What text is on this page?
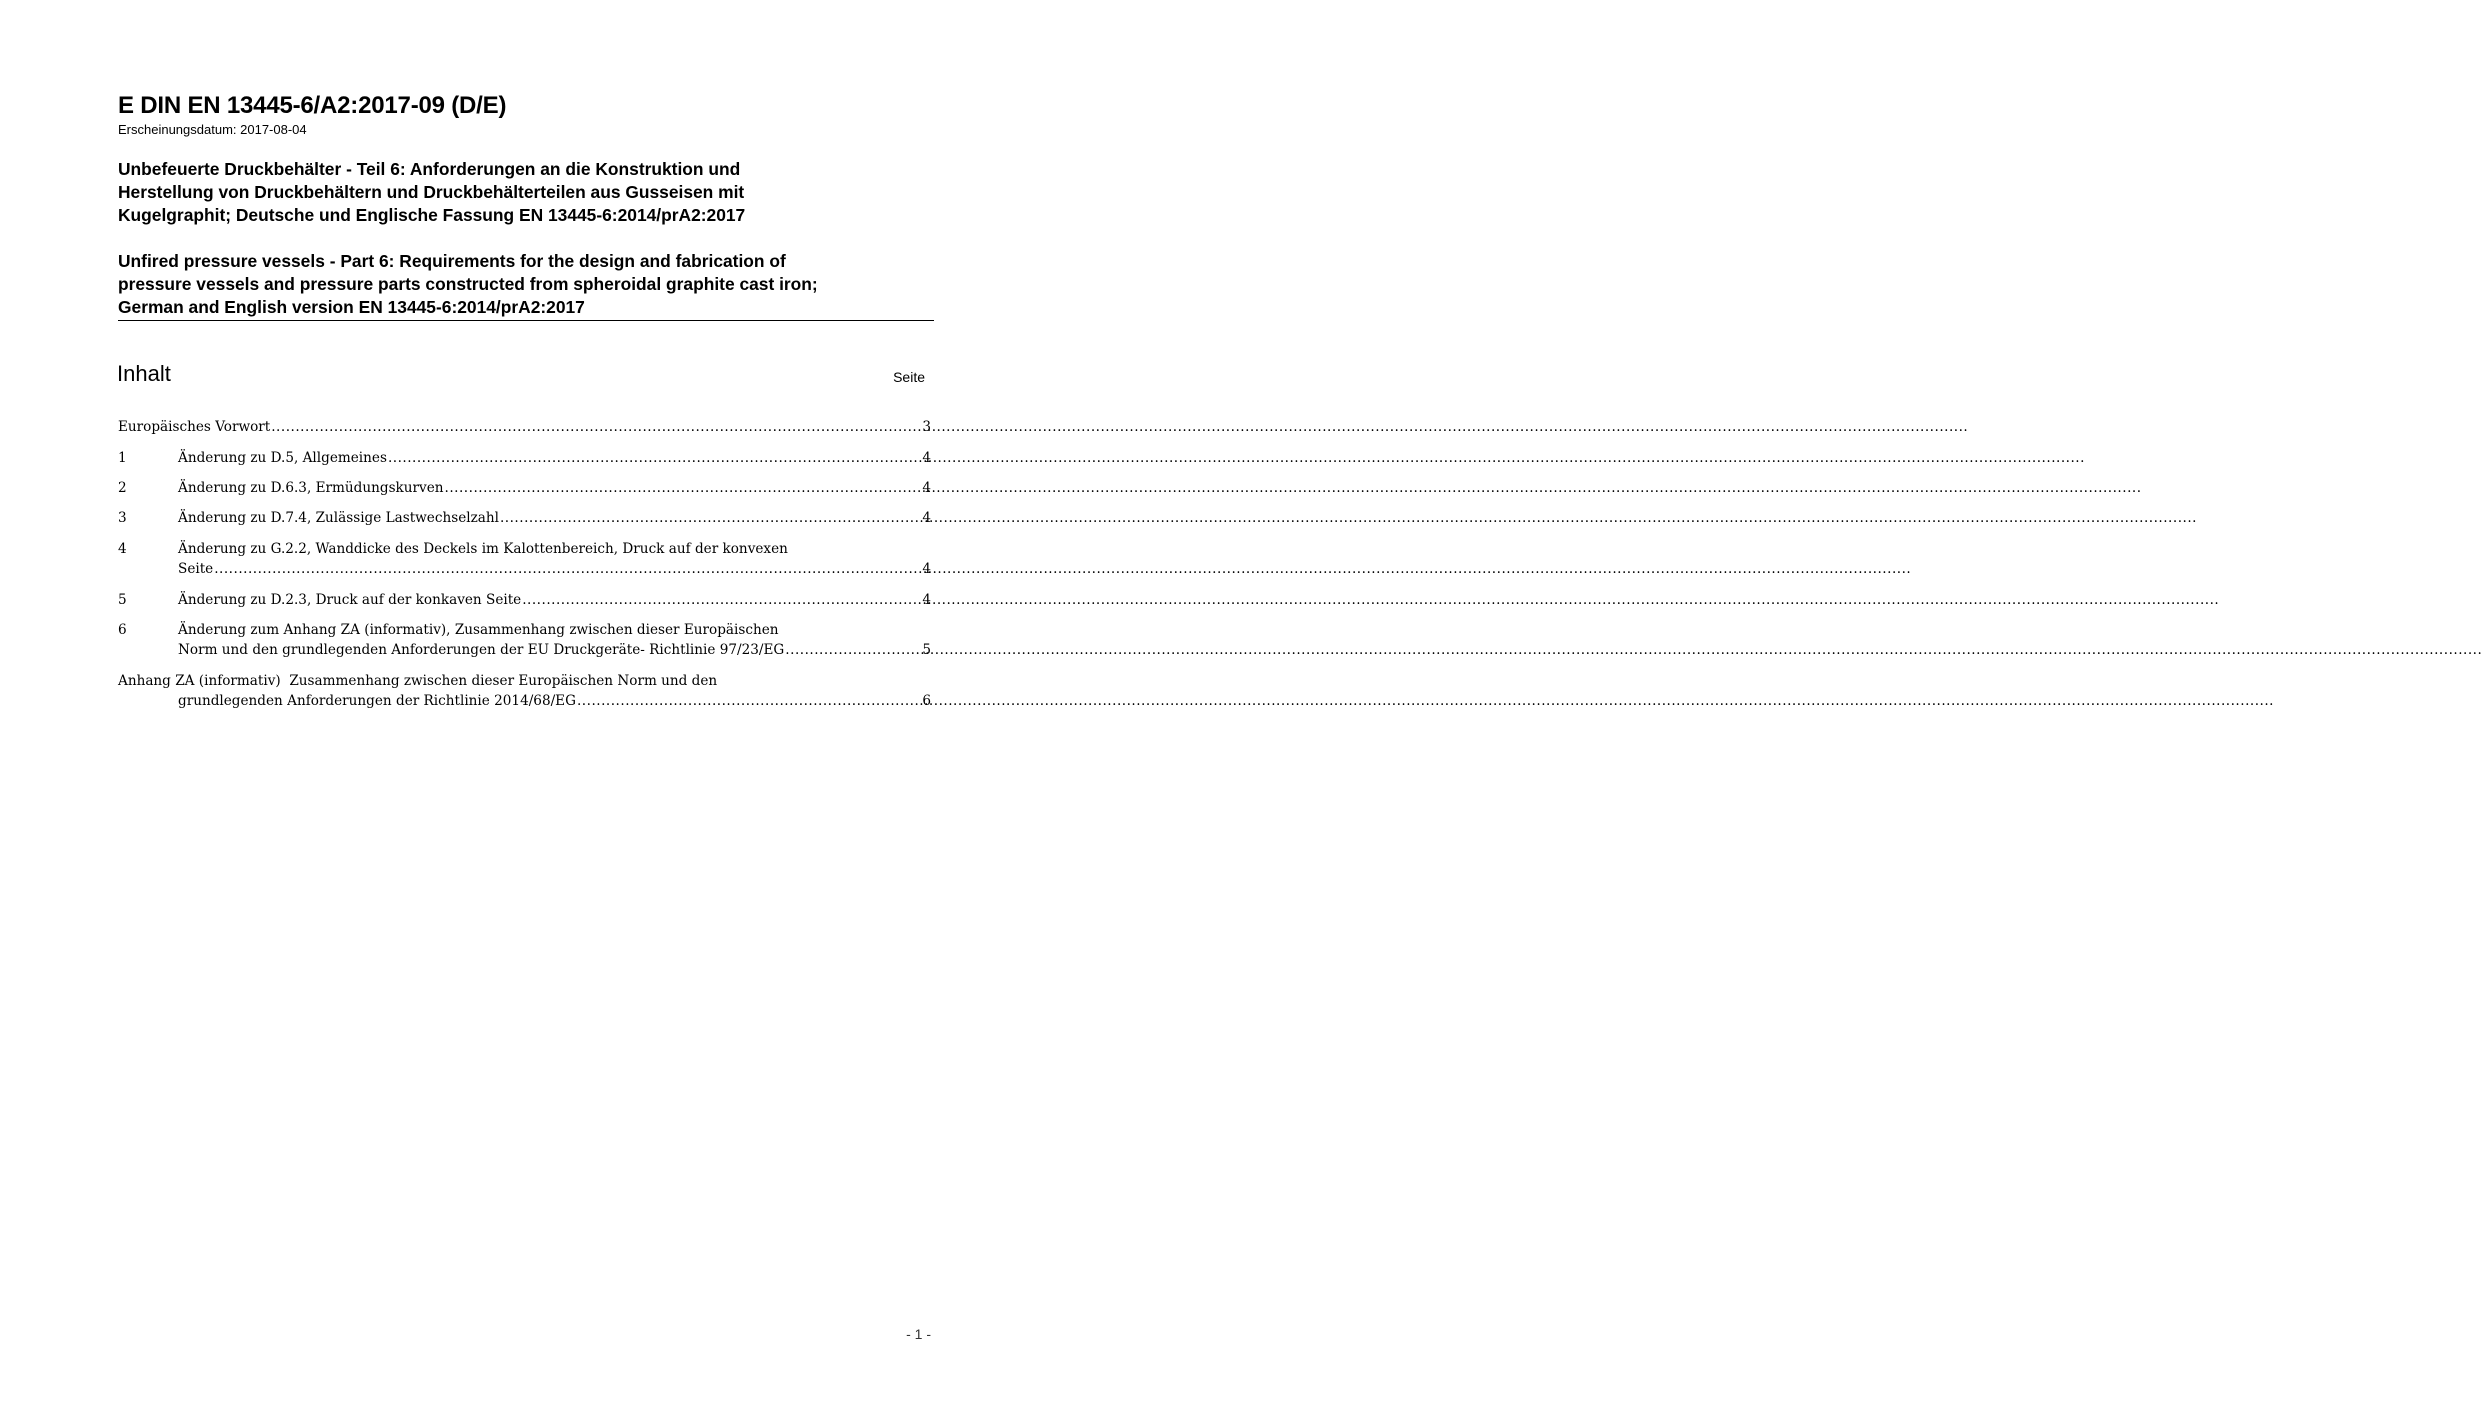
E DIN EN 13445-6/A2:2017-09 (D/E)
Erscheinungsdatum: 2017-08-04
Unbefeuerte Druckbehälter - Teil 6: Anforderungen an die Konstruktion und
Herstellung von Druckbehältern und Druckbehälterteilen aus Gusseisen mit
Kugelgraphit; Deutsche und Englische Fassung EN 13445-6:2014/prA2:2017
Unfired pressure vessels - Part 6: Requirements for the design and fabrication of
pressure vessels and pressure parts constructed from spheroidal graphite cast iron;
German and English version EN 13445-6:2014/prA2:2017
Inhalt	Seite
Europäisches Vorwort .....	3
1	Änderung zu D.5, Allgemeines .....	4
2	Änderung zu D.6.3, Ermüdungskurven .....	4
3	Änderung zu D.7.4, Zulässige Lastwechselzahl .....	4
4	Änderung zu G.2.2, Wanddicke des Deckels im Kalottenbereich, Druck auf der konvexen
Seite .....	4
5	Änderung zu D.2.3, Druck auf der konkaven Seite .....	4
6	Änderung zum Anhang ZA (informativ), Zusammenhang zwischen dieser Europäischen
Norm und den grundlegenden Anforderungen der EU Druckgeräte- Richtlinie 97/23/EG .....	5
Anhang ZA (informativ)  Zusammenhang zwischen dieser Europäischen Norm und den
grundlegenden Anforderungen der Richtlinie 2014/68/EG .....	6
- 1 -
